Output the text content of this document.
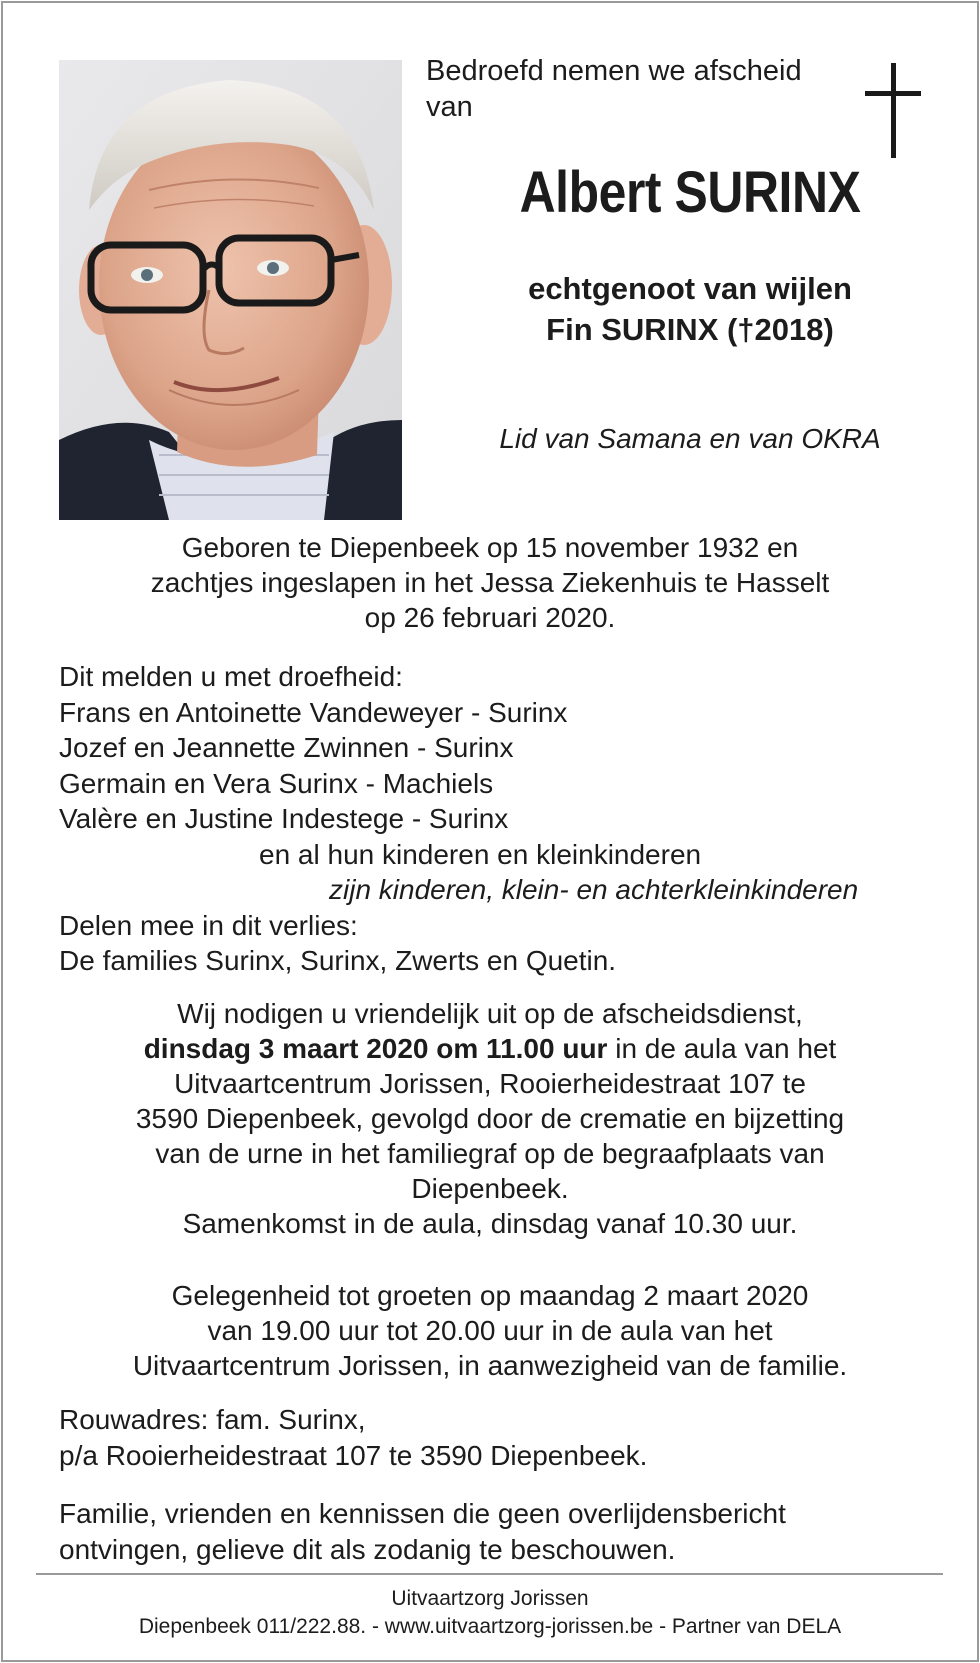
Bedroefd nemen we afscheid
van
Albert SURINX
echtgenoot van wijlen
Fin SURINX (†2018)
Lid van Samana en van OKRA
Geboren te Diepenbeek op 15 november 1932 en
zachtjes ingeslapen in het Jessa Ziekenhuis te Hasselt
op 26 februari 2020.
Dit melden u met droefheid:
Frans en Antoinette Vandeweyer - Surinx
Jozef en Jeannette Zwinnen - Surinx
Germain en Vera Surinx - Machiels
Valère en Justine Indestege - Surinx
en al hun kinderen en kleinkinderen
zijn kinderen, klein- en achterkleinkinderen
Delen mee in dit verlies:
De families Surinx, Surinx, Zwerts en Quetin.
Wij nodigen u vriendelijk uit op de afscheidsdienst,
dinsdag 3 maart 2020 om 11.00 uur in de aula van het
Uitvaartcentrum Jorissen, Rooierheidestraat 107 te
3590 Diepenbeek, gevolgd door de crematie en bijzetting
van de urne in het familiegraf op de begraafplaats van
Diepenbeek.
Samenkomst in de aula, dinsdag vanaf 10.30 uur.
Gelegenheid tot groeten op maandag 2 maart 2020
van 19.00 uur tot 20.00 uur in de aula van het
Uitvaartcentrum Jorissen, in aanwezigheid van de familie.
Rouwadres: fam. Surinx,
p/a Rooierheidestraat 107 te 3590 Diepenbeek.
Familie, vrienden en kennissen die geen overlijdensbericht
ontvingen, gelieve dit als zodanig te beschouwen.
Uitvaartzorg Jorissen
Diepenbeek 011/222.88. - www.uitvaartzorg-jorissen.be - Partner van DELA
